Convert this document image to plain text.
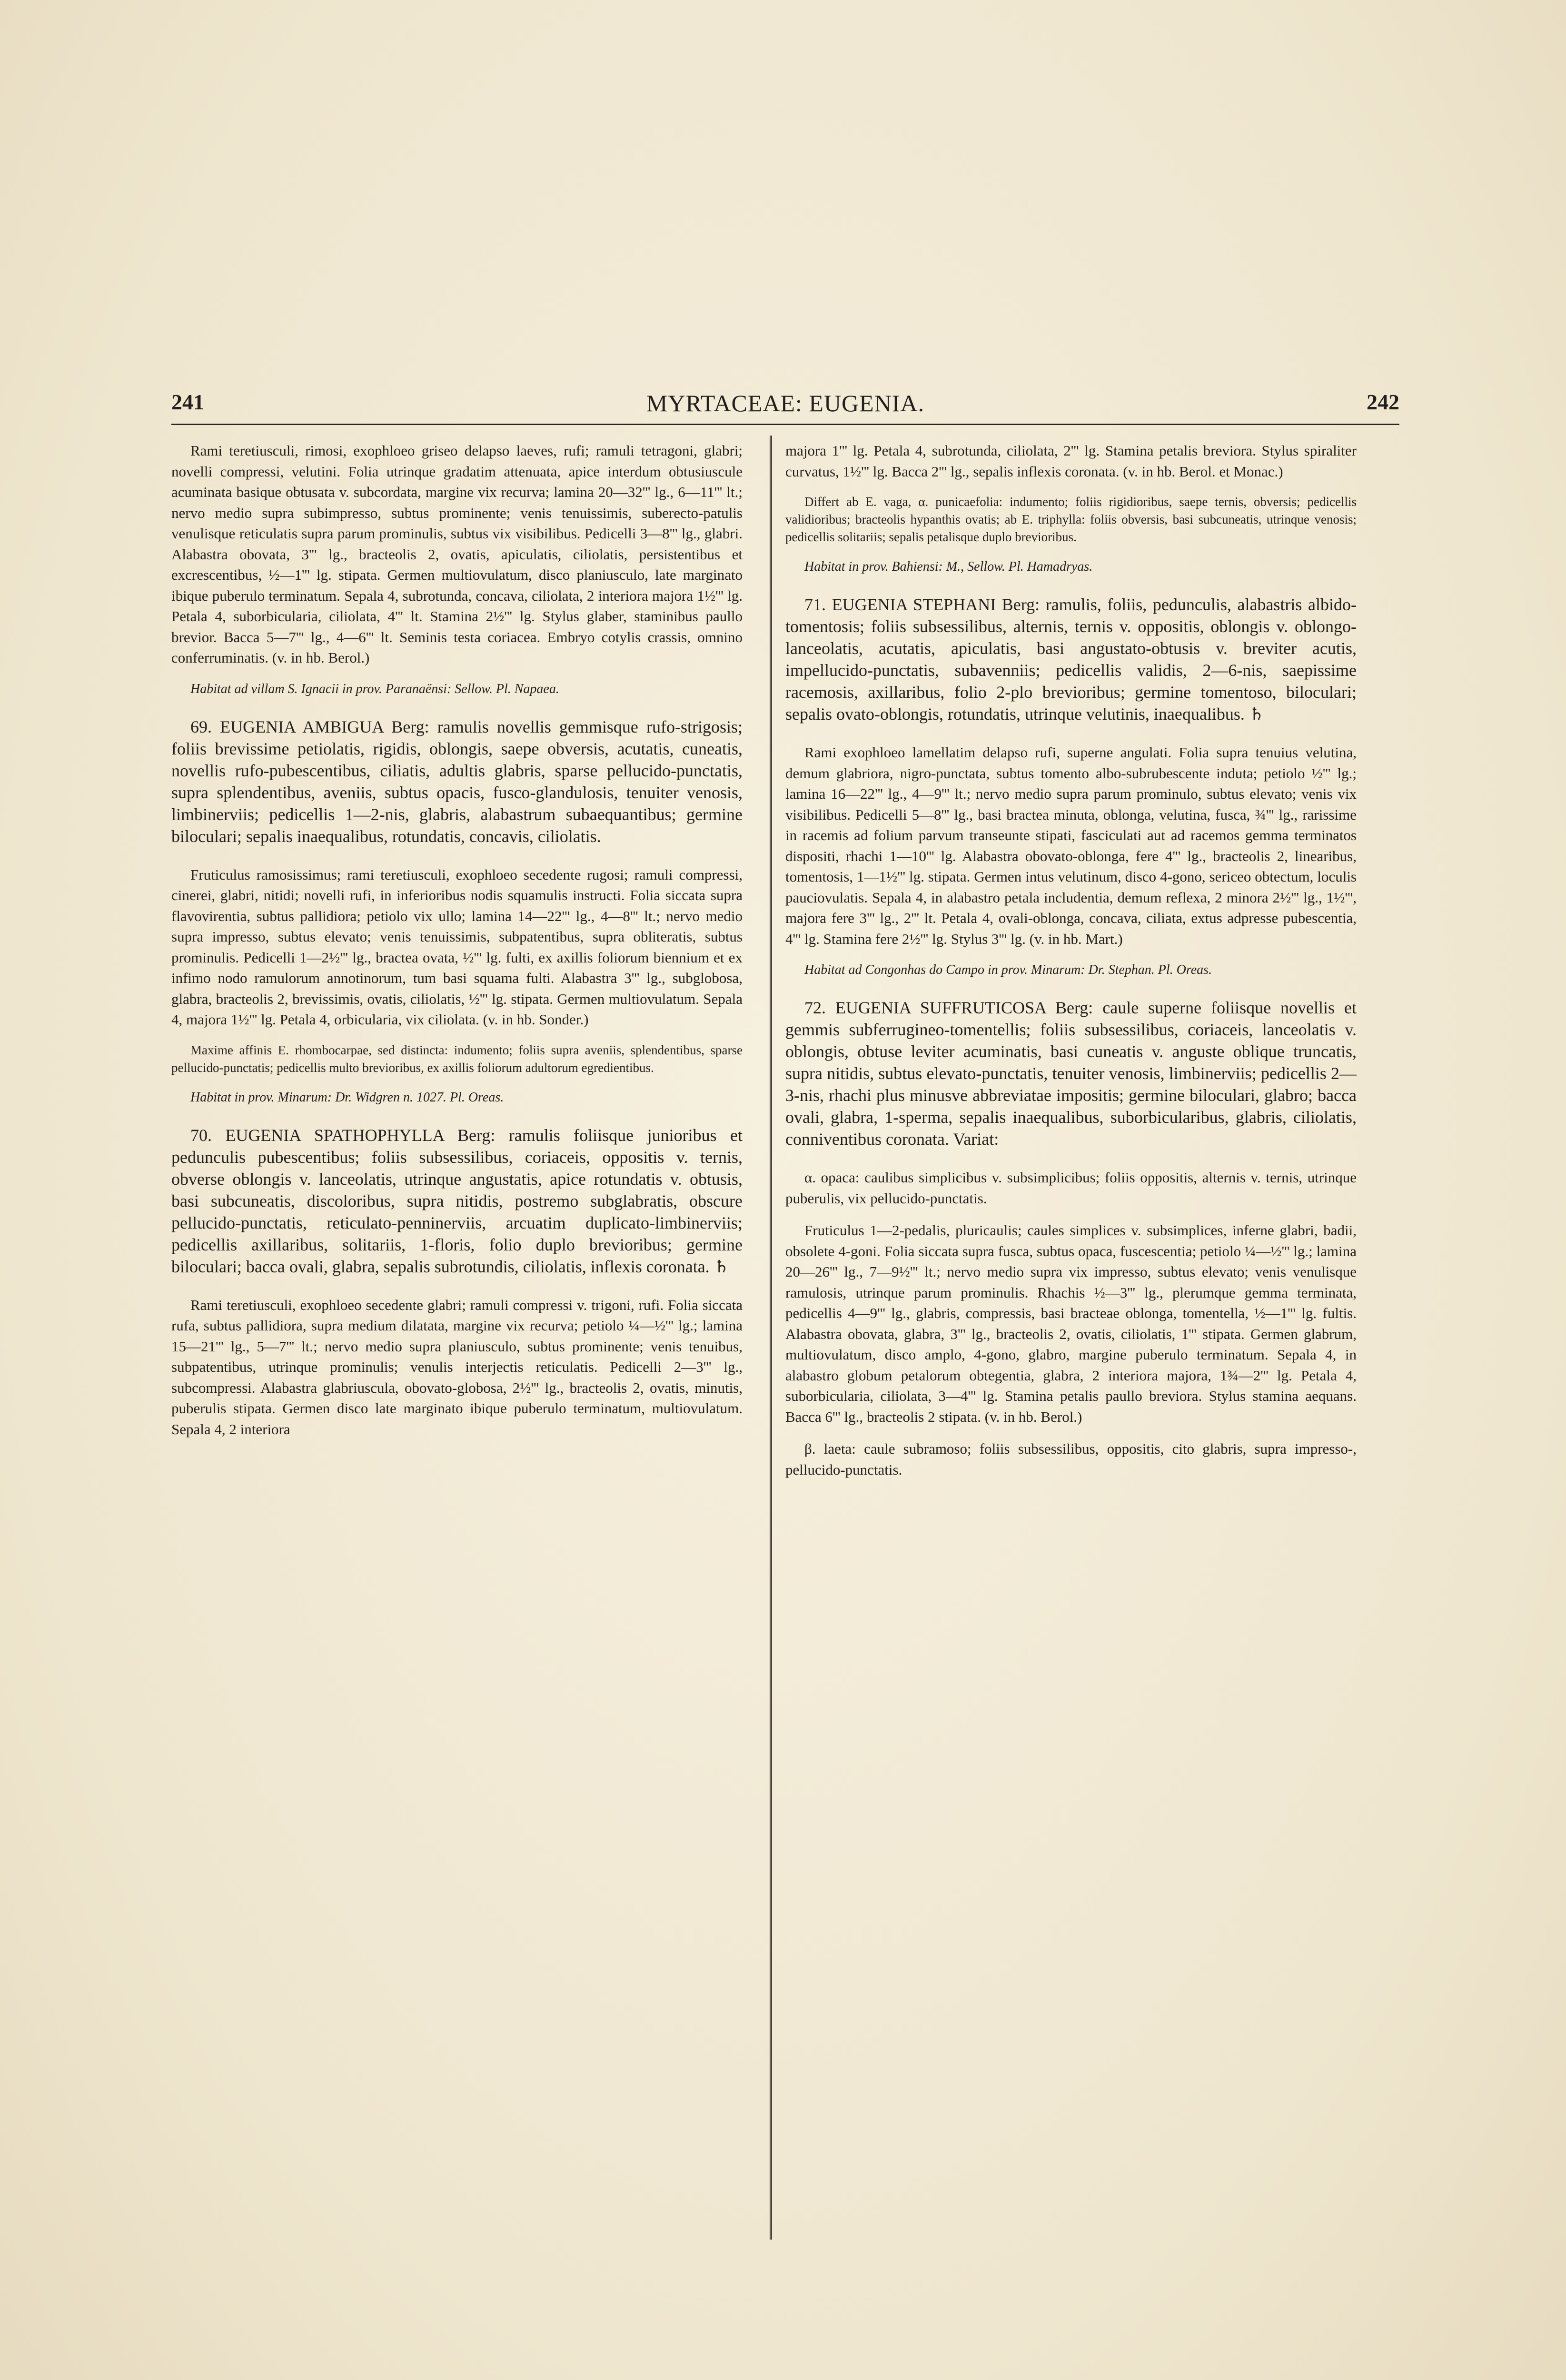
241	MYRTACEAE: EUGENIA.	242

Rami teretiusculi, rimosi, exophloeo griseo delapso laeves, rufi; ramuli tetragoni, glabri; novelli compressi, velutini. Folia utrinque gradatim attenuata, apice interdum obtusiuscule acuminata basique obtusata v. subcordata, margine vix recurva; lamina 20—32''' lg., 6—11''' lt.; nervo medio supra subimpresso, subtus prominente; venis tenuissimis, suberecto-patulis venulisque reticulatis supra parum prominulis, subtus vix visibilibus. Pedicelli 3—8''' lg., glabri. Alabastra obovata, 3''' lg., bracteolis 2, ovatis, apiculatis, ciliolatis, persistentibus et excrescentibus, ½—1''' lg. stipata. Germen multiovulatum, disco planiusculo, late marginato ibique puberulo terminatum. Sepala 4, subrotunda, concava, ciliolata, 2 interiora majora 1½''' lg. Petala 4, suborbicularia, ciliolata, 4''' lt. Stamina 2½''' lg. Stylus glaber, staminibus paullo brevior. Bacca 5—7''' lg., 4—6''' lt. Seminis testa coriacea. Embryo cotylis crassis, omnino conferruminatis. (v. in hb. Berol.)

Habitat ad villam S. Ignacii in prov. Paranaënsi: Sellow. Pl. Napaea.

69. EUGENIA AMBIGUA Berg: ramulis novellis gemmisque rufo-strigosis; foliis brevissime petiolatis, rigidis, oblongis, saepe obversis, acutatis, cuneatis, novellis rufo-pubescentibus, ciliatis, adultis glabris, sparse pellucido-punctatis, supra splendentibus, aveniis, subtus opacis, fusco-glandulosis, tenuiter venosis, limbinerviis; pedicellis 1—2-nis, glabris, alabastrum subaequantibus; germine biloculari; sepalis inaequalibus, rotundatis, concavis, ciliolatis.

Fruticulus ramosissimus; rami teretiusculi, exophloeo secedente rugosi; ramuli compressi, cinerei, glabri, nitidi; novelli rufi, in inferioribus nodis squamulis instructi. Folia siccata supra flavovirentia, subtus pallidiora; petiolo vix ullo; lamina 14—22''' lg., 4—8''' lt.; nervo medio supra impresso, subtus elevato; venis tenuissimis, subpatentibus, supra obliteratis, subtus prominulis. Pedicelli 1—2½''' lg., bractea ovata, ½''' lg. fulti, ex axillis foliorum biennium et ex infimo nodo ramulorum annotinorum, tum basi squama fulti. Alabastra 3''' lg., subglobosa, glabra, bracteolis 2, brevissimis, ovatis, ciliolatis, ½''' lg. stipata. Germen multiovulatum. Sepala 4, majora 1½''' lg. Petala 4, orbicularia, vix ciliolata. (v. in hb. Sonder.)

Maxime affinis E. rhombocarpae, sed distincta: indumento; foliis supra aveniis, splendentibus, sparse pellucido-punctatis; pedicellis multo brevioribus, ex axillis foliorum adultorum egredientibus.

Habitat in prov. Minarum: Dr. Widgren n. 1027. Pl. Oreas.

70. EUGENIA SPATHOPHYLLA Berg: ramulis foliisque junioribus et pedunculis pubescentibus; foliis subsessilibus, coriaceis, oppositis v. ternis, obverse oblongis v. lanceolatis, utrinque angustatis, apice rotundatis v. obtusis, basi subcuneatis, discoloribus, supra nitidis, postremo subglabratis, obscure pellucido-punctatis, reticulato-penninerviis, arcuatim duplicato-limbinerviis; pedicellis axillaribus, solitariis, 1-floris, folio duplo brevioribus; germine biloculari; bacca ovali, glabra, sepalis subrotundis, ciliolatis, inflexis coronata. ♄

Rami teretiusculi, exophloeo secedente glabri; ramuli compressi v. trigoni, rufi. Folia siccata rufa, subtus pallidiora, supra medium dilatata, margine vix recurva; petiolo ¼—½''' lg.; lamina 15—21''' lg., 5—7''' lt.; nervo medio supra planiusculo, subtus prominente; venis tenuibus, subpatentibus, utrinque prominulis; venulis interjectis reticulatis. Pedicelli 2—3''' lg., subcompressi. Alabastra glabriuscula, obovato-globosa, 2½''' lg., bracteolis 2, ovatis, minutis, puberulis stipata. Germen disco late marginato ibique puberulo terminatum, multiovulatum. Sepala 4, 2 interiora

majora 1''' lg. Petala 4, subrotunda, ciliolata, 2''' lg. Stamina petalis breviora. Stylus spiraliter curvatus, 1½''' lg. Bacca 2''' lg., sepalis inflexis coronata. (v. in hb. Berol. et Monac.)

Differt ab E. vaga, α. punicaefolia: indumento; foliis rigidioribus, saepe ternis, obversis; pedicellis validioribus; bracteolis hypanthis ovatis; ab E. triphylla: foliis obversis, basi subcuneatis, utrinque venosis; pedicellis solitariis; sepalis petalisque duplo brevioribus.

Habitat in prov. Bahiensi: M., Sellow. Pl. Hamadryas.

71. EUGENIA STEPHANI Berg: ramulis, foliis, pedunculis, alabastris albido-tomentosis; foliis subsessilibus, alternis, ternis v. oppositis, oblongis v. oblongo-lanceolatis, acutatis, apiculatis, basi angustato-obtusis v. breviter acutis, impellucido-punctatis, subavenniis; pedicellis validis, 2—6-nis, saepissime racemosis, axillaribus, folio 2-plo brevioribus; germine tomentoso, biloculari; sepalis ovato-oblongis, rotundatis, utrinque velutinis, inaequalibus. ♄

Rami exophloeo lamellatim delapso rufi, superne angulati. Folia supra tenuius velutina, demum glabriora, nigro-punctata, subtus tomento albo-subrubescente induta; petiolo ½''' lg.; lamina 16—22''' lg., 4—9''' lt.; nervo medio supra parum prominulo, subtus elevato; venis vix visibilibus. Pedicelli 5—8''' lg., basi bractea minuta, oblonga, velutina, fusca, ¾''' lg., rarissime in racemis ad folium parvum transeunte stipati, fasciculati aut ad racemos gemma terminatos dispositi, rhachi 1—10''' lg. Alabastra obovato-oblonga, fere 4''' lg., bracteolis 2, linearibus, tomentosis, 1—1½''' lg. stipata. Germen intus velutinum, disco 4-gono, sericeo obtectum, loculis pauciovulatis. Sepala 4, in alabastro petala includentia, demum reflexa, 2 minora 2½''' lg., 1½''', majora fere 3''' lg., 2''' lt. Petala 4, ovali-oblonga, concava, ciliata, extus adpresse pubescentia, 4''' lg. Stamina fere 2½''' lg. Stylus 3''' lg. (v. in hb. Mart.)

Habitat ad Congonhas do Campo in prov. Minarum: Dr. Stephan. Pl. Oreas.

72. EUGENIA SUFFRUTICOSA Berg: caule superne foliisque novellis et gemmis subferrugineo-tomentellis; foliis subsessilibus, coriaceis, lanceolatis v. oblongis, obtuse leviter acuminatis, basi cuneatis v. anguste oblique truncatis, supra nitidis, subtus elevato-punctatis, tenuiter venosis, limbinerviis; pedicellis 2—3-nis, rhachi plus minusve abbreviatae impositis; germine biloculari, glabro; bacca ovali, glabra, 1-sperma, sepalis inaequalibus, suborbicularibus, glabris, ciliolatis, conniventibus coronata. Variat:

α. opaca: caulibus simplicibus v. subsimplicibus; foliis oppositis, alternis v. ternis, utrinque puberulis, vix pellucido-punctatis.

Fruticulus 1—2-pedalis, pluricaulis; caules simplices v. subsimplices, inferne glabri, badii, obsolete 4-goni. Folia siccata supra fusca, subtus opaca, fuscescentia; petiolo ¼—½''' lg.; lamina 20—26''' lg., 7—9½''' lt.; nervo medio supra vix impresso, subtus elevato; venis venulisque ramulosis, utrinque parum prominulis. Rhachis ½—3''' lg., plerumque gemma terminata, pedicellis 4—9''' lg., glabris, compressis, basi bracteae oblonga, tomentella, ½—1''' lg. fultis. Alabastra obovata, glabra, 3''' lg., bracteolis 2, ovatis, ciliolatis, 1''' stipata. Germen glabrum, multiovulatum, disco amplo, 4-gono, glabro, margine puberulo terminatum. Sepala 4, in alabastro globum petalorum obtegentia, glabra, 2 interiora majora, 1¾—2''' lg. Petala 4, suborbicularia, ciliolata, 3—4''' lg. Stamina petalis paullo breviora. Stylus stamina aequans. Bacca 6''' lg., bracteolis 2 stipata. (v. in hb. Berol.)

β. laeta: caule subramoso; foliis subsessilibus, oppositis, cito glabris, supra impresso-, pellucido-punctatis.
